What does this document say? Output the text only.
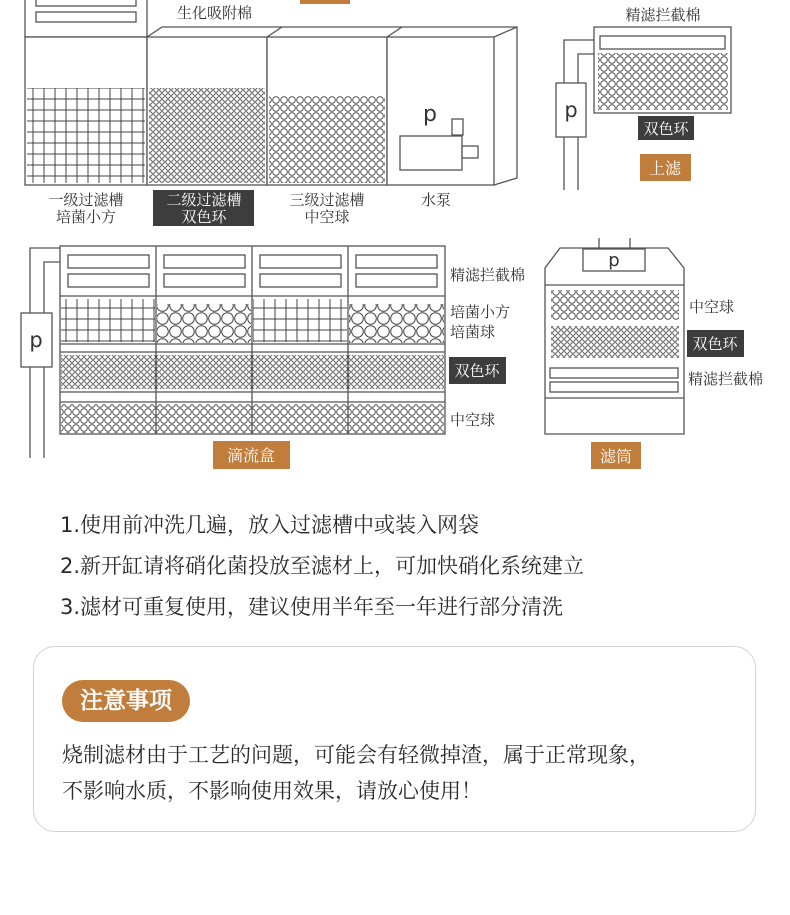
生化吸附棉
p
一级过滤槽
培菌小方
二级过滤槽
双色环
三级过滤槽
中空球
水泵
精滤拦截棉
p
双色环
上滤
p
精滤拦截棉
培菌小方
培菌球
双色环
中空球
滴流盒
p
中空球
双色环
精滤拦截棉
滤筒
1.使用前冲洗几遍，放入过滤槽中或装入网袋
2.新开缸请将硝化菌投放至滤材上，可加快硝化系统建立
3.滤材可重复使用，建议使用半年至一年进行部分清洗
注意事项

烧制滤材由于工艺的问题，可能会有轻微掉渣，属于正常现象，
不影响水质，不影响使用效果，请放心使用！
